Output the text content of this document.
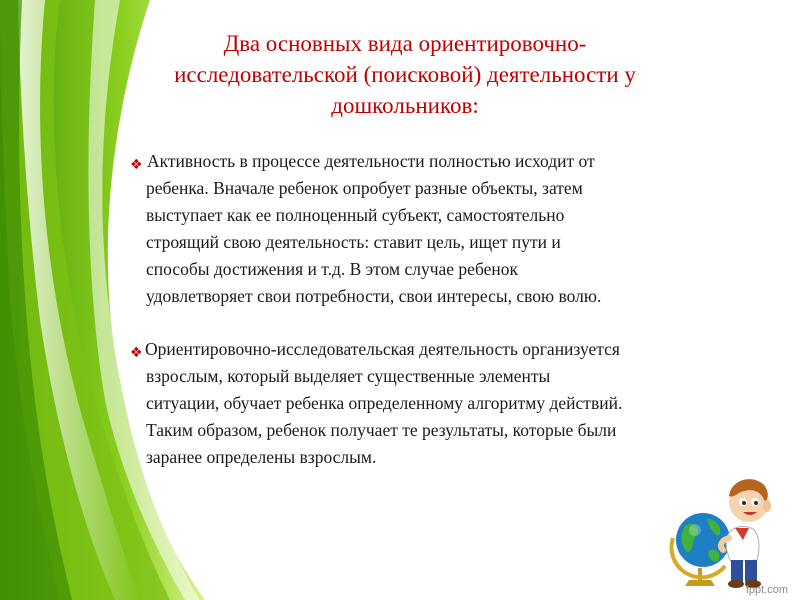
Два основных вида ориентировочно-
исследовательской (поисковой) деятельности у
дошкольников:
❖ Активность в процессе деятельности полностью исходит от
ребенка. Вначале ребенок опробует разные объекты, затем
выступает как ее полноценный субъект, самостоятельно
строящий свою деятельность: ставит цель, ищет пути и
способы достижения и т.д. В этом случае ребенок
удовлетворяет свои потребности, свои интересы, свою волю.
❖ Ориентировочно-исследовательская деятельность организуется
взрослым, который выделяет существенные элементы
ситуации, обучает ребенка определенному алгоритму действий.
Таким образом, ребенок получает те результаты, которые были
заранее определены взрослым.
fppt.com
